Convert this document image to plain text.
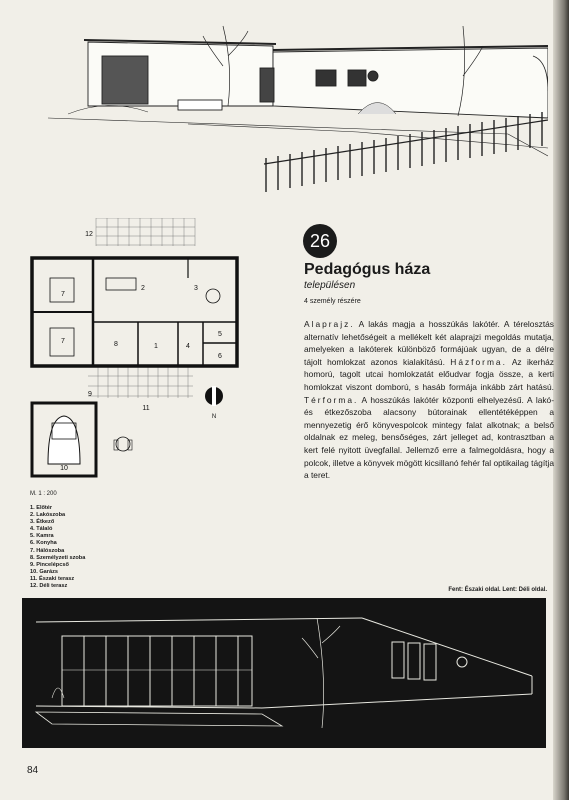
1
2	3
4
5
6
7
7	8
9
10
11
12
N
M. 1 : 200
1. Előtér
2. Lakószoba
3. Étkező
4. Tálaló
5. Kamra
6. Konyha
7. Hálószoba
8. Személyzeti szoba
9. Pincelépcső
10. Garázs
11. Északi terasz
12. Déli terasz
26
Pedagógus háza
településen
4 személy részére

Alaprajz. A lakás magja a hosszúkás lakótér. A térelosztás alternatív lehetőségeit a mellékelt két alaprajzi megoldás mutatja, amelyeken a lakóterek különböző formájúak ugyan, de a délre tájolt homlokzat azonos kialakítású. Házforma. Az ikerház homorú, tagolt utcai homlokzatát előudvar fogja össze, a kerti homlokzat viszont domború, s hasáb formája inkább zárt hatású. Térforma. A hosszúkás lakótér központi elhelyezésű. A lakó- és étkezőszoba alacsony bútorainak ellentétéképpen a mennyezetig érő könyvespolcok mintegy falat alkotnak; a belső oldalnak ez meleg, bensőséges, zárt jelleget ad, kontrasztban a kert felé nyitott üvegfallal. Jellemző erre a falmegoldásra, hogy a polcok, illetve a könyvek mögött kicsillanó fehér fal optikailag tágítja a teret.

Fent: Északi oldal. Lent: Déli oldal.
84
